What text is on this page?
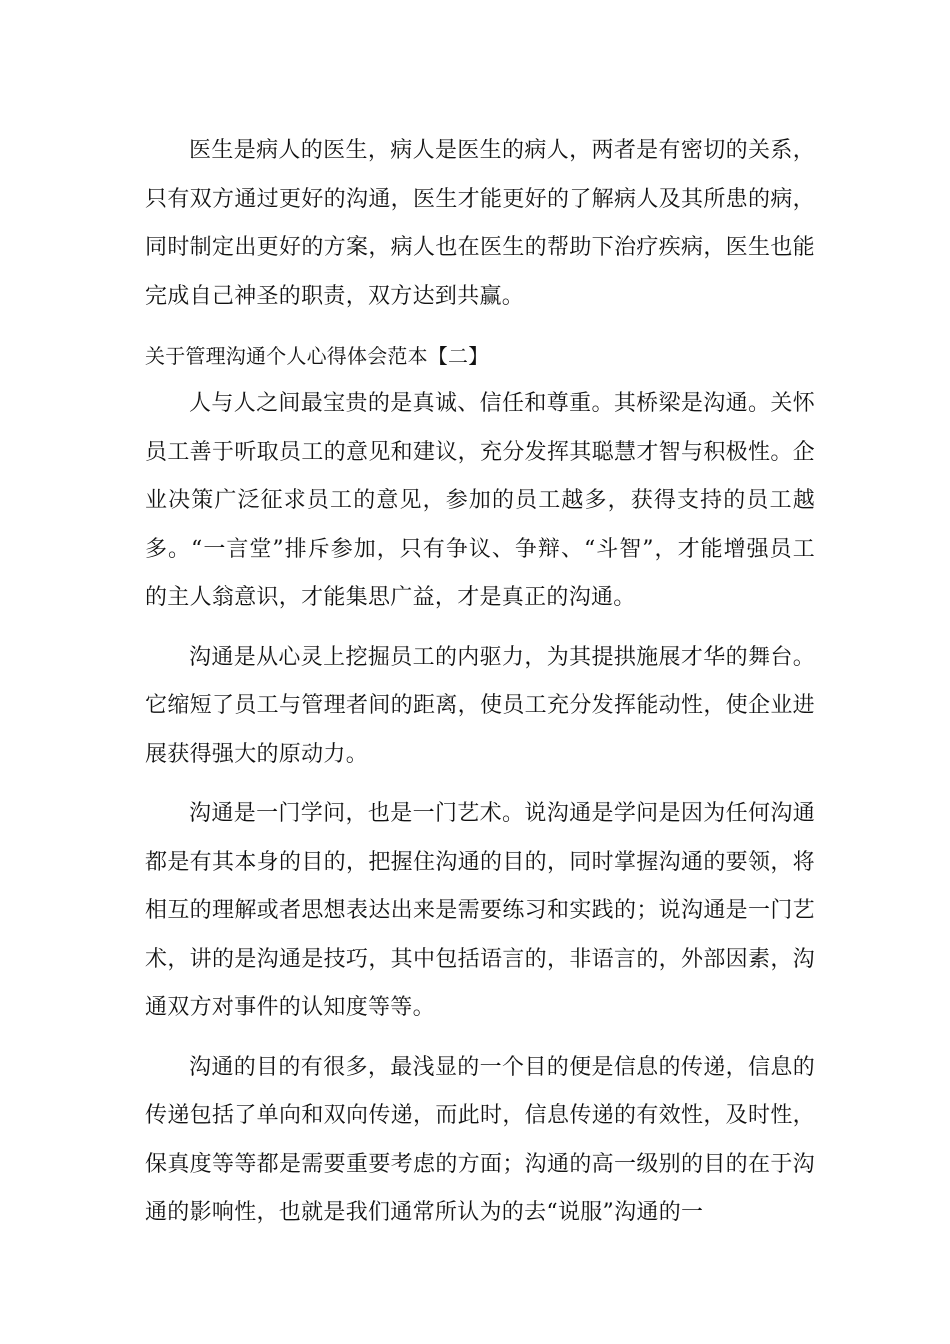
医生是病人的医生，病人是医生的病人，两者是有密切的关系，只有双方通过更好的沟通，医生才能更好的了解病人及其所患的病，同时制定出更好的方案，病人也在医生的帮助下治疗疾病，医生也能完成自己神圣的职责，双方达到共赢。

关于管理沟通个人心得体会范本【二】

人与人之间最宝贵的是真诚、信任和尊重。其桥梁是沟通。关怀员工善于听取员工的意见和建议，充分发挥其聪慧才智与积极性。企业决策广泛征求员工的意见，参加的员工越多，获得支持的员工越多。“一言堂”排斥参加，只有争议、争辩、“斗智”，才能增强员工的主人翁意识，才能集思广益，才是真正的沟通。

沟通是从心灵上挖掘员工的内驱力，为其提拱施展才华的舞台。它缩短了员工与管理者间的距离，使员工充分发挥能动性，使企业进展获得强大的原动力。

沟通是一门学问，也是一门艺术。说沟通是学问是因为任何沟通都是有其本身的目的，把握住沟通的目的，同时掌握沟通的要领，将相互的理解或者思想表达出来是需要练习和实践的；说沟通是一门艺术，讲的是沟通是技巧，其中包括语言的，非语言的，外部因素，沟通双方对事件的认知度等等。

沟通的目的有很多，最浅显的一个目的便是信息的传递，信息的传递包括了单向和双向传递，而此时，信息传递的有效性，及时性，保真度等等都是需要重要考虑的方面；沟通的高一级别的目的在于沟通的影响性，也就是我们通常所认为的去“说服”沟通的一
